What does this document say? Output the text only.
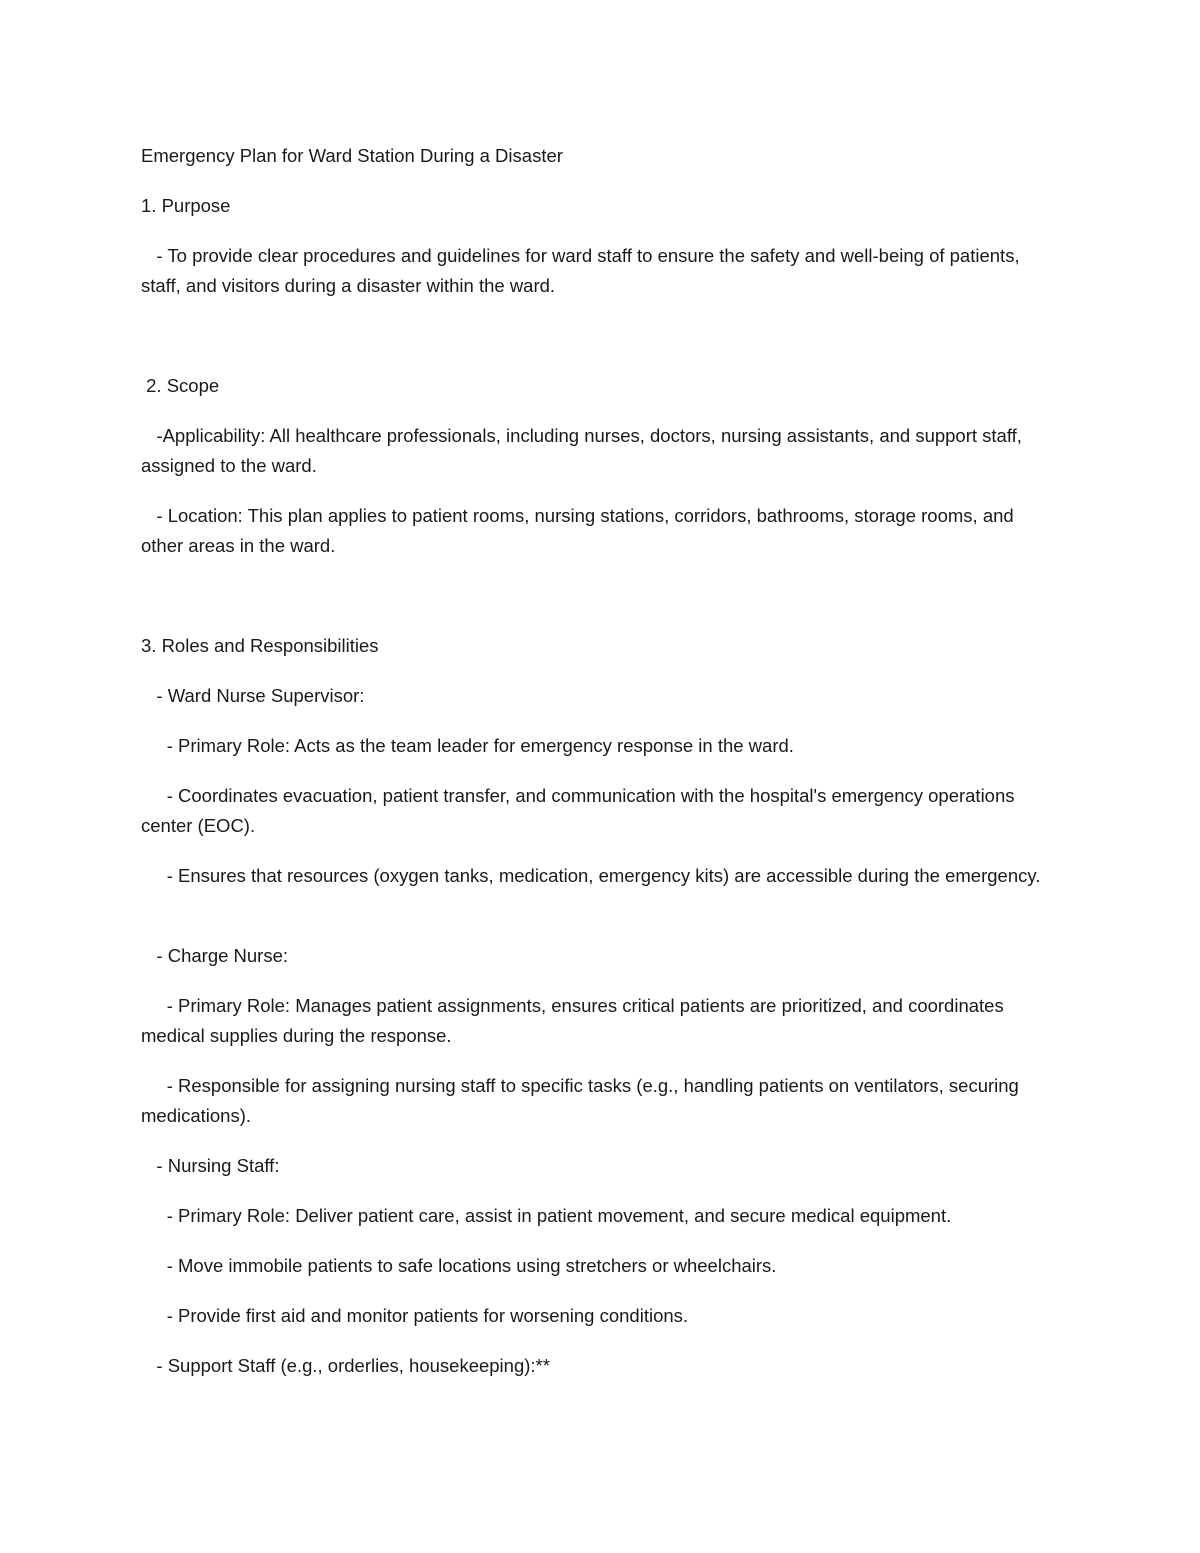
Emergency Plan for Ward Station During a Disaster

1. Purpose

- To provide clear procedures and guidelines for ward staff to ensure the safety and well-being of patients, staff, and visitors during a disaster within the ward.

2. Scope

-Applicability: All healthcare professionals, including nurses, doctors, nursing assistants, and support staff, assigned to the ward.

- Location: This plan applies to patient rooms, nursing stations, corridors, bathrooms, storage rooms, and other areas in the ward.

3. Roles and Responsibilities

- Ward Nurse Supervisor:

- Primary Role: Acts as the team leader for emergency response in the ward.

- Coordinates evacuation, patient transfer, and communication with the hospital's emergency operations center (EOC).

- Ensures that resources (oxygen tanks, medication, emergency kits) are accessible during the emergency.

- Charge Nurse:

- Primary Role: Manages patient assignments, ensures critical patients are prioritized, and coordinates medical supplies during the response.

- Responsible for assigning nursing staff to specific tasks (e.g., handling patients on ventilators, securing medications).

- Nursing Staff:

- Primary Role: Deliver patient care, assist in patient movement, and secure medical equipment.

- Move immobile patients to safe locations using stretchers or wheelchairs.

- Provide first aid and monitor patients for worsening conditions.

- Support Staff (e.g., orderlies, housekeeping):**
